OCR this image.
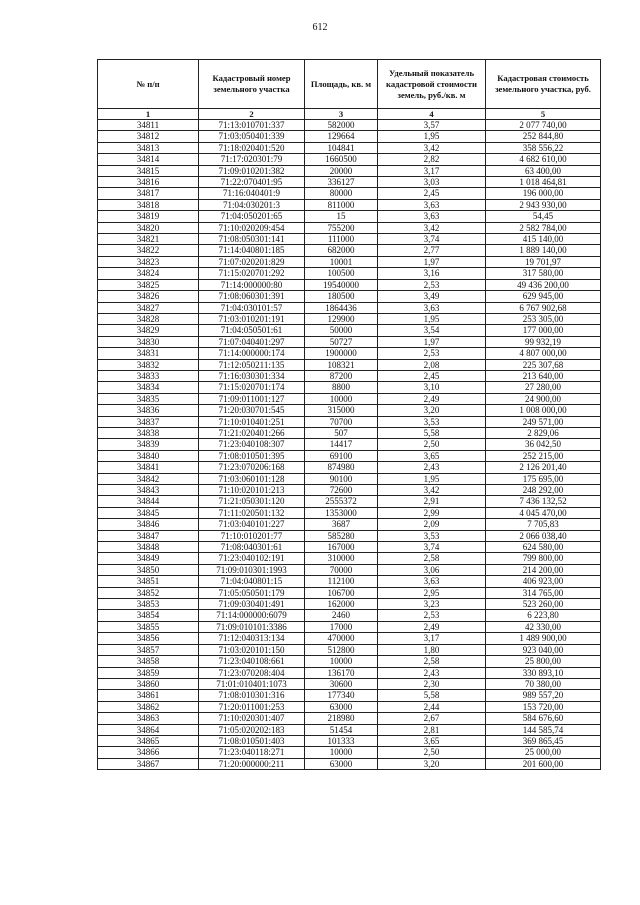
612
№ п/п	Кадастровый номер земельного участка	Площадь, кв. м	Удельный показатель кадастровой стоимости земель, руб./кв. м	Кадастровая стоимость земельного участка, руб.
1	2	3	4	5
34811	71:13:010701:337	582000	3,57	2 077 740,00
34812	71:03:050401:339	129664	1,95	252 844,80
34813	71:18:020401:520	104841	3,42	358 556,22
34814	71:17:020301:79	1660500	2,82	4 682 610,00
34815	71:09:010201:382	20000	3,17	63 400,00
34816	71:22:070401:95	336127	3,03	1 018 464,81
34817	71:16:040401:9	80000	2,45	196 000,00
34818	71:04:030201:3	811000	3,63	2 943 930,00
34819	71:04:050201:65	15	3,63	54,45
34820	71:10:020209:454	755200	3,42	2 582 784,00
34821	71:08:050301:141	111000	3,74	415 140,00
34822	71:14:040801:185	682000	2,77	1 889 140,00
34823	71:07:020201:829	10001	1,97	19 701,97
34824	71:15:020701:292	100500	3,16	317 580,00
34825	71:14:000000:80	19540000	2,53	49 436 200,00
34826	71:08:060301:391	180500	3,49	629 945,00
34827	71:04:030101:57	1864436	3,63	6 767 902,68
34828	71:03:010201:191	129900	1,95	253 305,00
34829	71:04:050501:61	50000	3,54	177 000,00
34830	71:07:040401:297	50727	1,97	99 932,19
34831	71:14:000000:174	1900000	2,53	4 807 000,00
34832	71:12:050211:135	108321	2,08	225 307,68
34833	71:16:030301:334	87200	2,45	213 640,00
34834	71:15:020701:174	8800	3,10	27 280,00
34835	71:09:011001:127	10000	2,49	24 900,00
34836	71:20:030701:545	315000	3,20	1 008 000,00
34837	71:10:010401:251	70700	3,53	249 571,00
34838	71:21:020401:266	507	5,58	2 829,06
34839	71:23:040108:307	14417	2,50	36 042,50
34840	71:08:010501:395	69100	3,65	252 215,00
34841	71:23:070206:168	874980	2,43	2 126 201,40
34842	71:03:060101:128	90100	1,95	175 695,00
34843	71:10:020101:213	72600	3,42	248 292,00
34844	71:21:050301:120	2555372	2,91	7 436 132,52
34845	71:11:020501:132	1353000	2,99	4 045 470,00
34846	71:03:040101:227	3687	2,09	7 705,83
34847	71:10:010201:77	585280	3,53	2 066 038,40
34848	71:08:040301:61	167000	3,74	624 580,00
34849	71:23:040102:191	310000	2,58	799 800,00
34850	71:09:010301:1993	70000	3,06	214 200,00
34851	71:04:040801:15	112100	3,63	406 923,00
34852	71:05:050501:179	106700	2,95	314 765,00
34853	71:09:030401:491	162000	3,23	523 260,00
34854	71:14:000000:6079	2460	2,53	6 223,80
34855	71:09:010101:3386	17000	2,49	42 330,00
34856	71:12:040313:134	470000	3,17	1 489 900,00
34857	71:03:020101:150	512800	1,80	923 040,00
34858	71:23:040108:661	10000	2,58	25 800,00
34859	71:23:070208:404	136170	2,43	330 893,10
34860	71:01:010401:1073	30600	2,30	70 380,00
34861	71:08:010301:316	177340	5,58	989 557,20
34862	71:20:011001:253	63000	2,44	153 720,00
34863	71:10:020301:407	218980	2,67	584 676,60
34864	71:05:020202:183	51454	2,81	144 585,74
34865	71:08:010501:403	101333	3,65	369 865,45
34866	71:23:040118:271	10000	2,50	25 000,00
34867	71:20:000000:211	63000	3,20	201 600,00
